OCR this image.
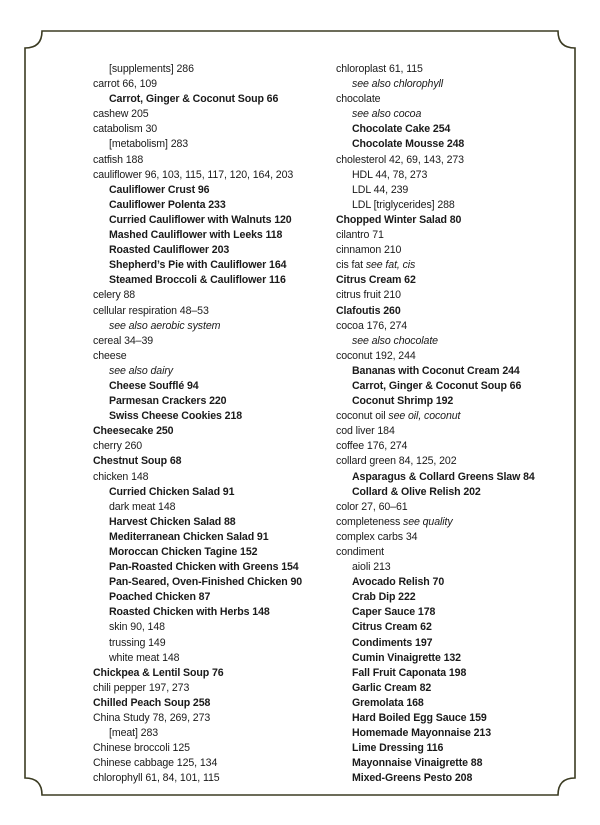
[supplements] 286
carrot 66, 109
Carrot, Ginger & Coconut Soup 66
cashew 205
catabolism 30
[metabolism] 283
catfish 188
cauliflower 96, 103, 115, 117, 120, 164, 203
Cauliflower Crust 96
Cauliflower Polenta 233
Curried Cauliflower with Walnuts 120
Mashed Cauliflower with Leeks 118
Roasted Cauliflower 203
Shepherd’s Pie with Cauliflower 164
Steamed Broccoli & Cauliflower 116
celery 88
cellular respiration 48–53
see also aerobic system
cereal 34–39
cheese
see also dairy
Cheese Soufflé 94
Parmesan Crackers 220
Swiss Cheese Cookies 218
Cheesecake 250
cherry 260
Chestnut Soup 68
chicken 148
Curried Chicken Salad 91
dark meat 148
Harvest Chicken Salad 88
Mediterranean Chicken Salad 91
Moroccan Chicken Tagine 152
Pan-Roasted Chicken with Greens 154
Pan-Seared, Oven-Finished Chicken 90
Poached Chicken 87
Roasted Chicken with Herbs 148
skin 90, 148
trussing 149
white meat 148
Chickpea & Lentil Soup 76
chili pepper 197, 273
Chilled Peach Soup 258
China Study 78, 269, 273
[meat] 283
Chinese broccoli 125
Chinese cabbage 125, 134
chlorophyll 61, 84, 101, 115
chloroplast 61, 115
see also chlorophyll
chocolate
see also cocoa
Chocolate Cake 254
Chocolate Mousse 248
cholesterol 42, 69, 143, 273
HDL 44, 78, 273
LDL 44, 239
LDL [triglycerides] 288
Chopped Winter Salad 80
cilantro 71
cinnamon 210
cis fat see fat, cis
Citrus Cream 62
citrus fruit 210
Clafoutis 260
cocoa 176, 274
see also chocolate
coconut 192, 244
Bananas with Coconut Cream 244
Carrot, Ginger & Coconut Soup 66
Coconut Shrimp 192
coconut oil see oil, coconut
cod liver 184
coffee 176, 274
collard green 84, 125, 202
Asparagus & Collard Greens Slaw 84
Collard & Olive Relish 202
color 27, 60–61
completeness see quality
complex carbs 34
condiment
aioli 213
Avocado Relish 70
Crab Dip 222
Caper Sauce 178
Citrus Cream 62
Condiments 197
Cumin Vinaigrette 132
Fall Fruit Caponata 198
Garlic Cream 82
Gremolata 168
Hard Boiled Egg Sauce 159
Homemade Mayonnaise 213
Lime Dressing 116
Mayonnaise Vinaigrette 88
Mixed-Greens Pesto 208
